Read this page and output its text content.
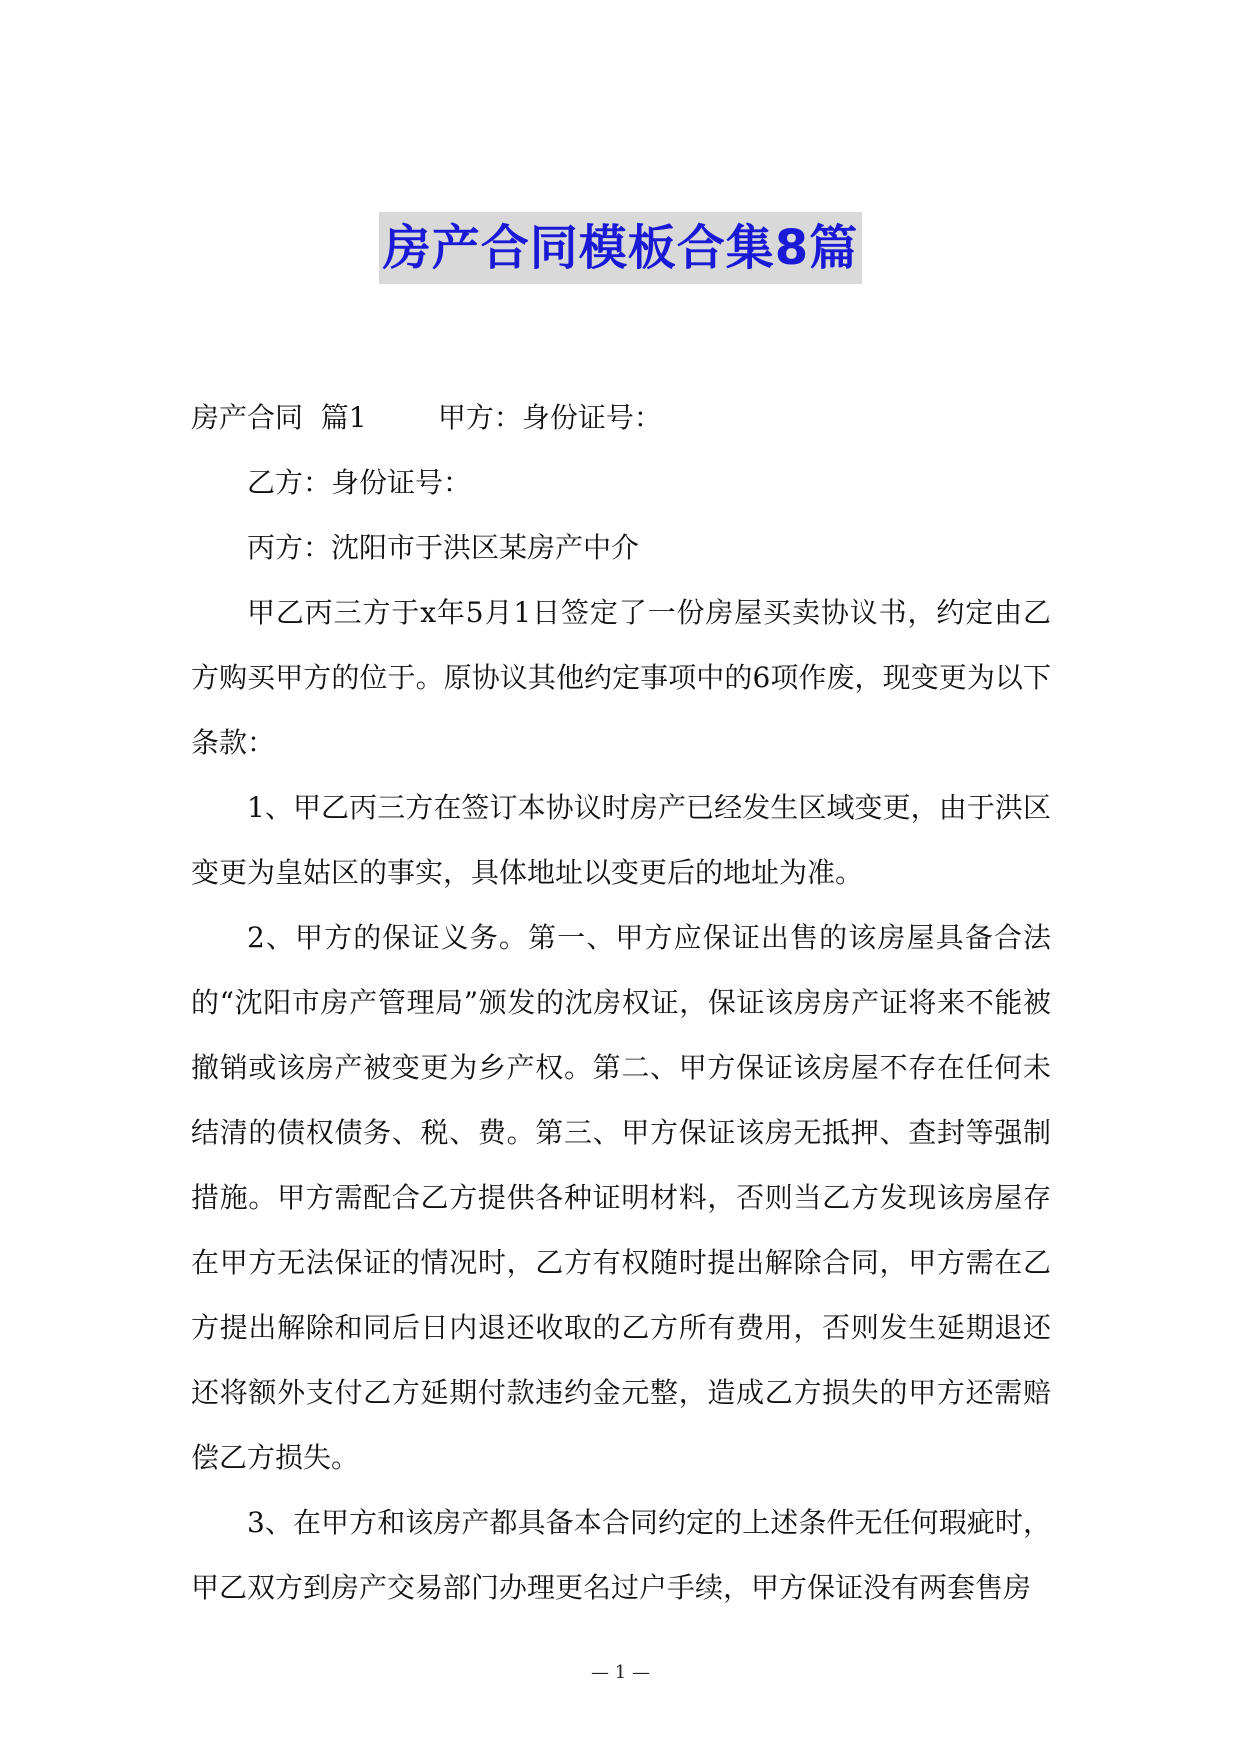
房产合同模板合集8篇

房产合同  篇1        甲方：身份证号：

乙方：身份证号：

丙方：沈阳市于洪区某房产中介

甲乙丙三方于x年5月1日签定了一份房屋买卖协议书，约定由乙方购买甲方的位于。原协议其他约定事项中的6项作废，现变更为以下条款：

1、甲乙丙三方在签订本协议时房产已经发生区域变更，由于洪区变更为皇姑区的事实，具体地址以变更后的地址为准。

2、甲方的保证义务。第一、甲方应保证出售的该房屋具备合法的“沈阳市房产管理局”颁发的沈房权证，保证该房房产证将来不能被撤销或该房产被变更为乡产权。第二、甲方保证该房屋不存在任何未结清的债权债务、税、费。第三、甲方保证该房无抵押、查封等强制措施。甲方需配合乙方提供各种证明材料，否则当乙方发现该房屋存在甲方无法保证的情况时，乙方有权随时提出解除合同，甲方需在乙方提出解除和同后日内退还收取的乙方所有费用，否则发生延期退还还将额外支付乙方延期付款违约金元整，造成乙方损失的甲方还需赔偿乙方损失。

3、在甲方和该房产都具备本合同约定的上述条件无任何瑕疵时，甲乙双方到房产交易部门办理更名过户手续，甲方保证没有两套售房

— 1 —
